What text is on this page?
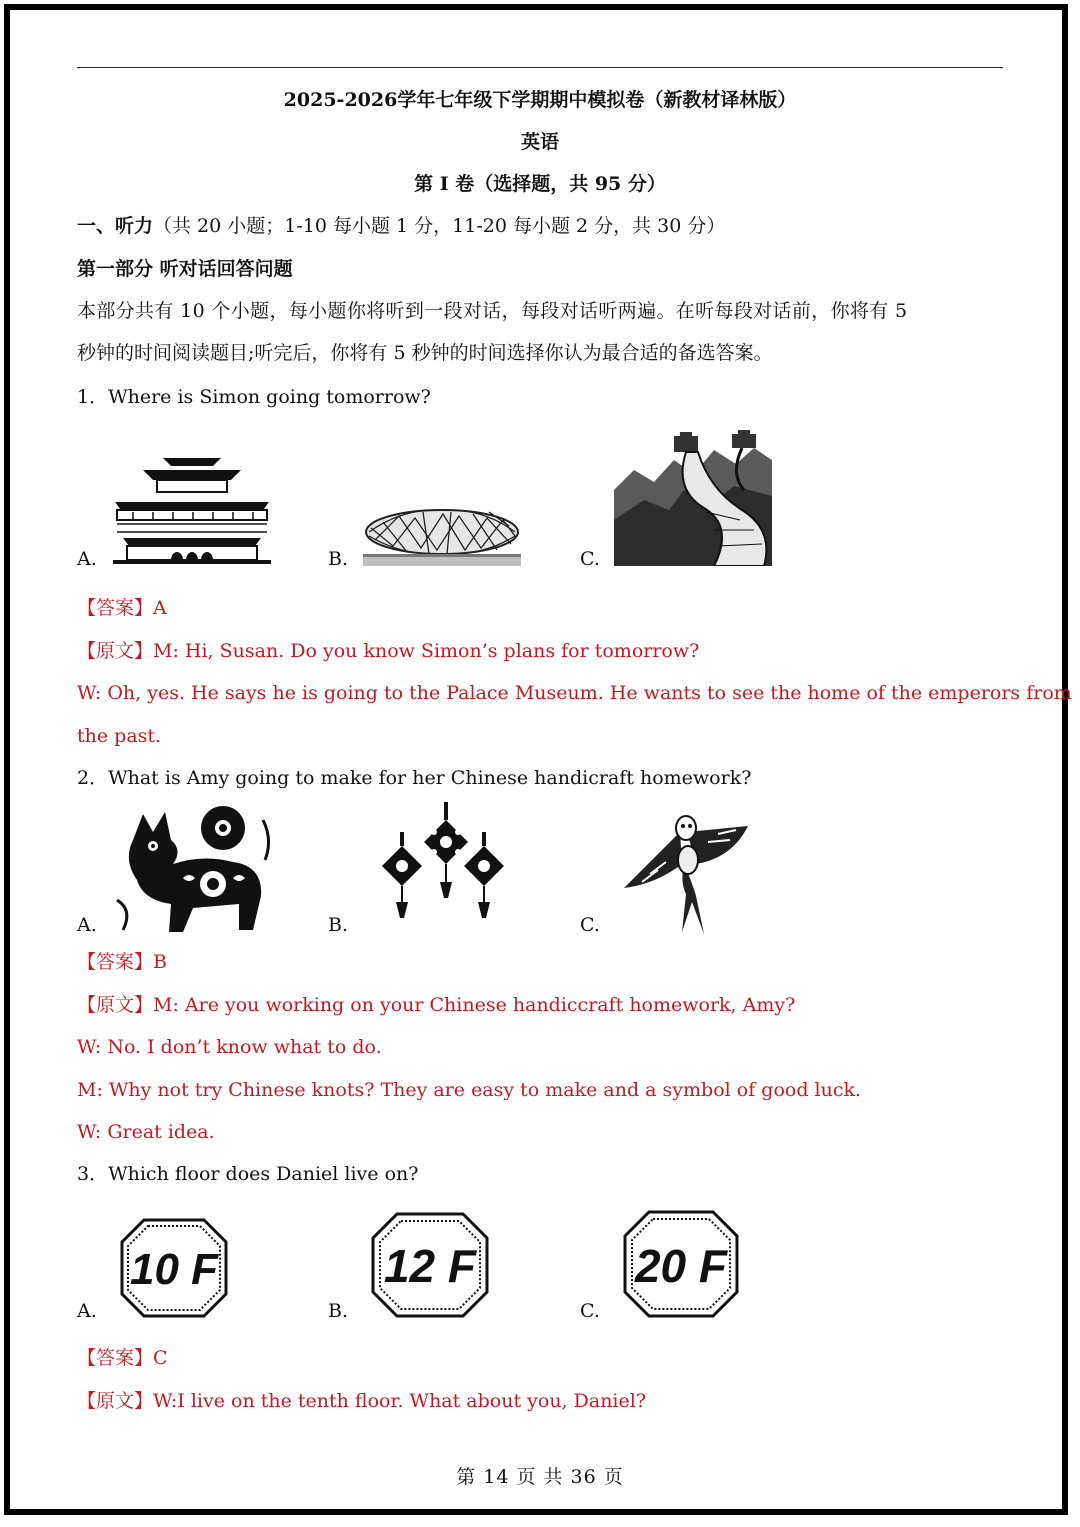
2025-2026学年七年级下学期期中模拟卷（新教材译林版）
英语
第 I 卷（选择题，共 95 分）
一、听力（共 20 小题；1-10 每小题 1 分，11-20 每小题 2 分，共 30 分）
第一部分 听对话回答问题
本部分共有 10 个小题，每小题你将听到一段对话，每段对话听两遍。在听每段对话前，你将有 5
秒钟的时间阅读题目;听完后，你将有 5 秒钟的时间选择你认为最合适的备选答案。
1．Where is Simon going tomorrow?
A.	B.	C.
【答案】A
【原文】M: Hi, Susan. Do you know Simon’s plans for tomorrow?
W: Oh, yes. He says he is going to the Palace Museum. He wants to see the home of the emperors from
the past.
2．What is Amy going to make for her Chinese handicraft homework?
A.	B.	C.
【答案】B
【原文】M: Are you working on your Chinese handiccraft homework, Amy?
W: No. I don’t know what to do.
M: Why not try Chinese knots? They are easy to make and a symbol of good luck.
W: Great idea.
3．Which floor does Daniel live on?
A.
10 F
B.
12 F
C.
20 F
【答案】C
【原文】W:I live on the tenth floor. What about you, Daniel?
第 14 页 共 36 页
